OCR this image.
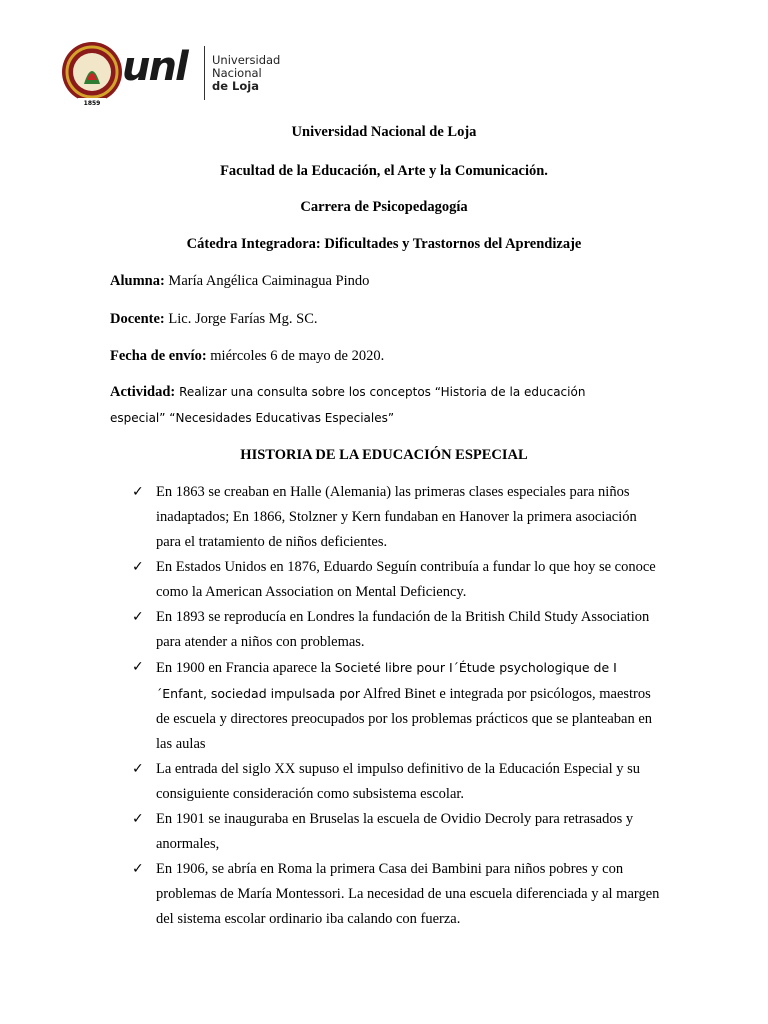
1859
unl Universidad
Nacional
de Loja
Universidad Nacional de Loja
Facultad de la Educación, el Arte y la Comunicación.
Carrera de Psicopedagogía
Cátedra Integradora: Dificultades y Trastornos del Aprendizaje
Alumna: María Angélica Caiminagua Pindo
Docente: Lic. Jorge Farías Mg. SC.
Fecha de envío: miércoles 6 de mayo de 2020.
Actividad: Realizar una consulta sobre los conceptos “Historia de la educación especial” “Necesidades Educativas Especiales”
HISTORIA DE LA EDUCACIÓN ESPECIAL
✓ En 1863 se creaban en Halle (Alemania) las primeras clases especiales para niños inadaptados; En 1866, Stolzner y Kern fundaban en Hanover la primera asociación para el tratamiento de niños deficientes.
✓ En Estados Unidos en 1876, Eduardo Seguín contribuía a fundar lo que hoy se conoce como la American Association on Mental Deficiency.
✓ En 1893 se reproducía en Londres la fundación de la British Child Study Association para atender a niños con problemas.
✓ En 1900 en Francia aparece la Societé libre pour I´Étude psychologique de I´Enfant, sociedad impulsada por Alfred Binet e integrada por psicólogos, maestros de escuela y directores preocupados por los problemas prácticos que se planteaban en las aulas
✓ La entrada del siglo XX supuso el impulso definitivo de la Educación Especial y su consiguiente consideración como subsistema escolar.
✓ En 1901 se inauguraba en Bruselas la escuela de Ovidio Decroly para retrasados y anormales,
✓ En 1906, se abría en Roma la primera Casa dei Bambini para niños pobres y con problemas de María Montessori. La necesidad de una escuela diferenciada y al margen del sistema escolar ordinario iba calando con fuerza.
